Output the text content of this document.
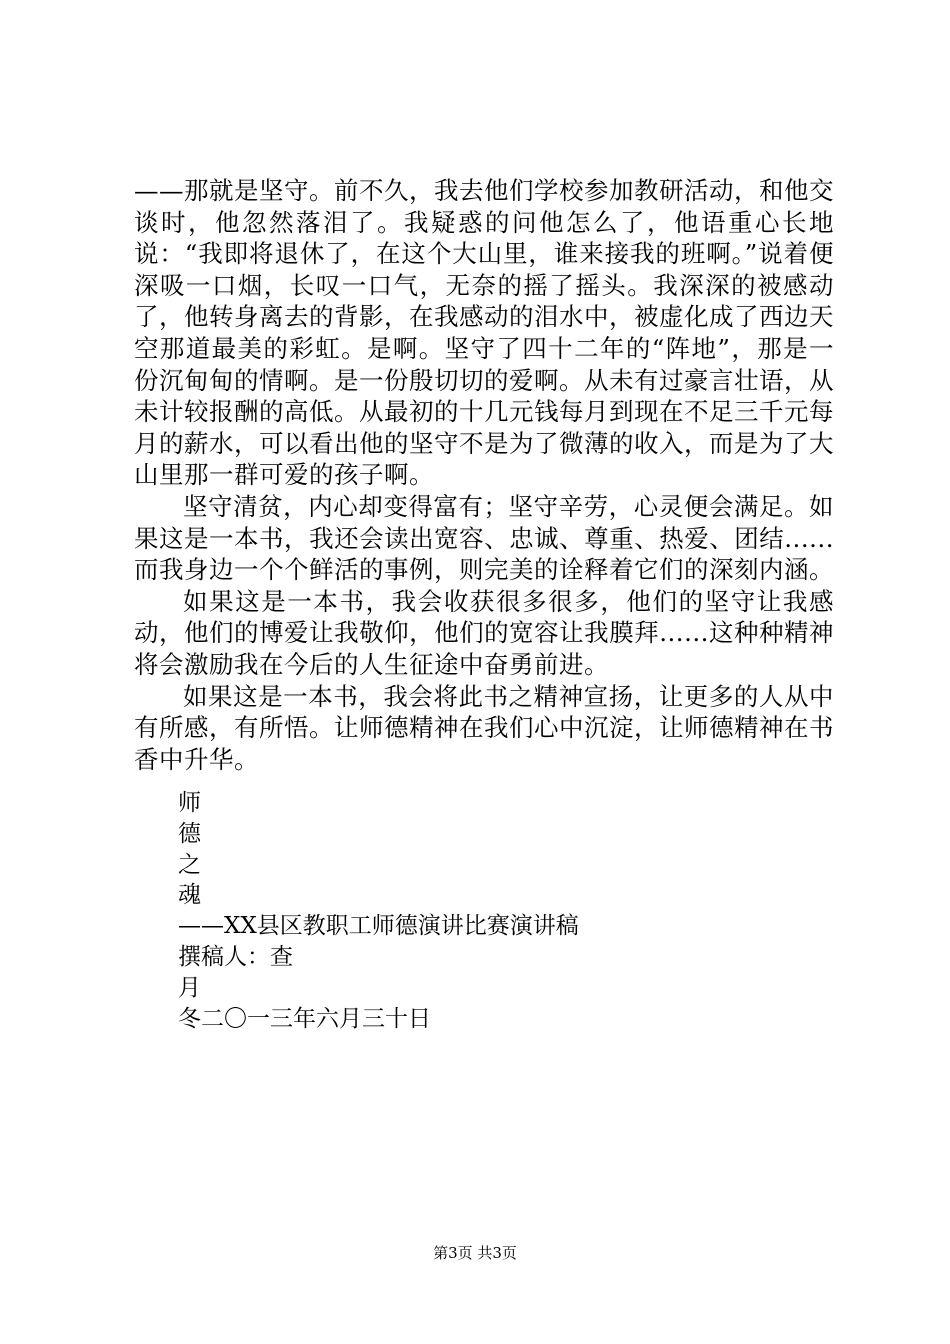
——那就是坚守。前不久，我去他们学校参加教研活动，和他交谈时，他忽然落泪了。我疑惑的问他怎么了，他语重心长地说：“我即将退休了，在这个大山里，谁来接我的班啊。”说着便深吸一口烟，长叹一口气，无奈的摇了摇头。我深深的被感动了，他转身离去的背影，在我感动的泪水中，被虚化成了西边天空那道最美的彩虹。是啊。坚守了四十二年的“阵地”，那是一份沉甸甸的情啊。是一份殷切切的爱啊。从未有过豪言壮语，从未计较报酬的高低。从最初的十几元钱每月到现在不足三千元每月的薪水，可以看出他的坚守不是为了微薄的收入，而是为了大山里那一群可爱的孩子啊。

坚守清贫，内心却变得富有；坚守辛劳，心灵便会满足。如果这是一本书，我还会读出宽容、忠诚、尊重、热爱、团结......而我身边一个个鲜活的事例，则完美的诠释着它们的深刻内涵。

如果这是一本书，我会收获很多很多，他们的坚守让我感动，他们的博爱让我敬仰，他们的宽容让我膜拜......这种种精神将会激励我在今后的人生征途中奋勇前进。

如果这是一本书，我会将此书之精神宣扬，让更多的人从中有所感，有所悟。让师德精神在我们心中沉淀，让师德精神在书香中升华。

师
德
之
魂
——XX县区教职工师德演讲比赛演讲稿
撰稿人：查
月
冬二〇一三年六月三十日
第3页 共3页
